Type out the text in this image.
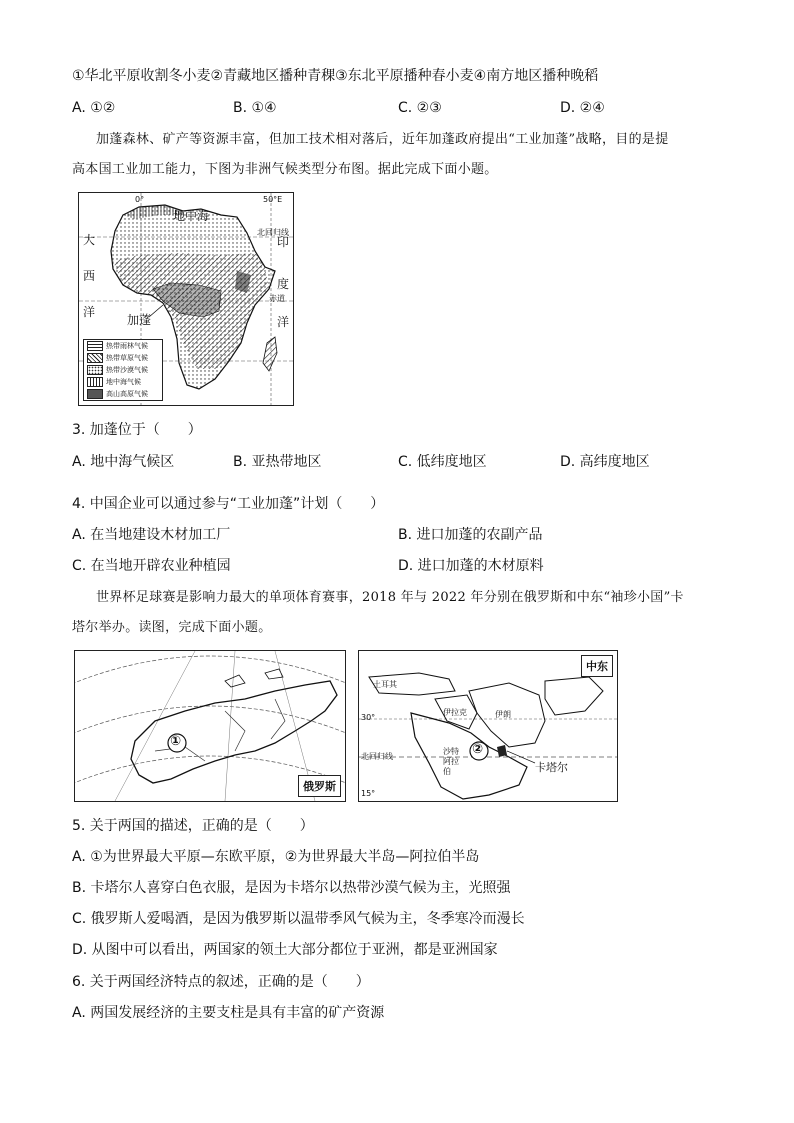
①华北平原收割冬小麦②青藏地区播种青稞③东北平原播种春小麦④南方地区播种晚稻
A. ①②	B. ①④	C. ②③	D. ②④
加蓬森林、矿产等资源丰富，但加工技术相对落后，近年加蓬政府提出“工业加蓬”战略，目的是提
高本国工业加工能力，下图为非洲气候类型分布图。据此完成下面小题。
0°	50°E
地中海
大
西
洋
印
度
洋
北回归线
赤道
加蓬
热带雨林气候
热带草原气候
热带沙漠气候
地中海气候
高山高原气候
3. 加蓬位于（　　）
A. 地中海气候区	B. 亚热带地区	C. 低纬度地区	D. 高纬度地区
4. 中国企业可以通过参与“工业加蓬”计划（　　）
A. 在当地建设木材加工厂	B. 进口加蓬的农副产品
C. 在当地开辟农业种植园	D. 进口加蓬的木材原料
世界杯足球赛是影响力最大的单项体育赛事，2018 年与 2022 年分别在俄罗斯和中东“袖珍小国”卡
塔尔举办。读图，完成下面小题。
①
俄罗斯
土耳其
伊拉克	伊朗
沙特阿拉伯	卡塔尔
北回归线
30°
15°
②
中东
5. 关于两国的描述，正确的是（　　）
A. ①为世界最大平原—东欧平原，②为世界最大半岛—阿拉伯半岛
B. 卡塔尔人喜穿白色衣服，是因为卡塔尔以热带沙漠气候为主，光照强
C. 俄罗斯人爱喝酒，是因为俄罗斯以温带季风气候为主，冬季寒冷而漫长
D. 从图中可以看出，两国家的领土大部分都位于亚洲，都是亚洲国家
6. 关于两国经济特点的叙述，正确的是（　　）
A. 两国发展经济的主要支柱是具有丰富的矿产资源
